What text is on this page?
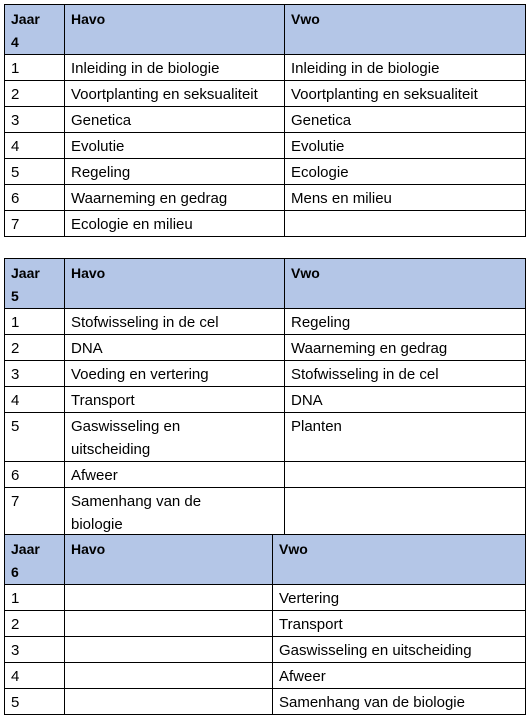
Jaar
4	Havo	Vwo
1	Inleiding in de biologie	Inleiding in de biologie
2	Voortplanting en seksualiteit	Voortplanting en seksualiteit
3	Genetica	Genetica
4	Evolutie	Evolutie
5	Regeling	Ecologie
6	Waarneming en gedrag	Mens en milieu
7	Ecologie en milieu	
Jaar
5	Havo	Vwo
1	Stofwisseling in de cel	Regeling
2	DNA	Waarneming en gedrag
3	Voeding en vertering	Stofwisseling in de cel
4	Transport	DNA
5	Gaswisseling en uitscheiding	Planten
6	Afweer	
7	Samenhang van de biologie	
Jaar
6	Havo	Vwo
1		Vertering
2		Transport
3		Gaswisseling en uitscheiding
4		Afweer
5		Samenhang van de biologie
